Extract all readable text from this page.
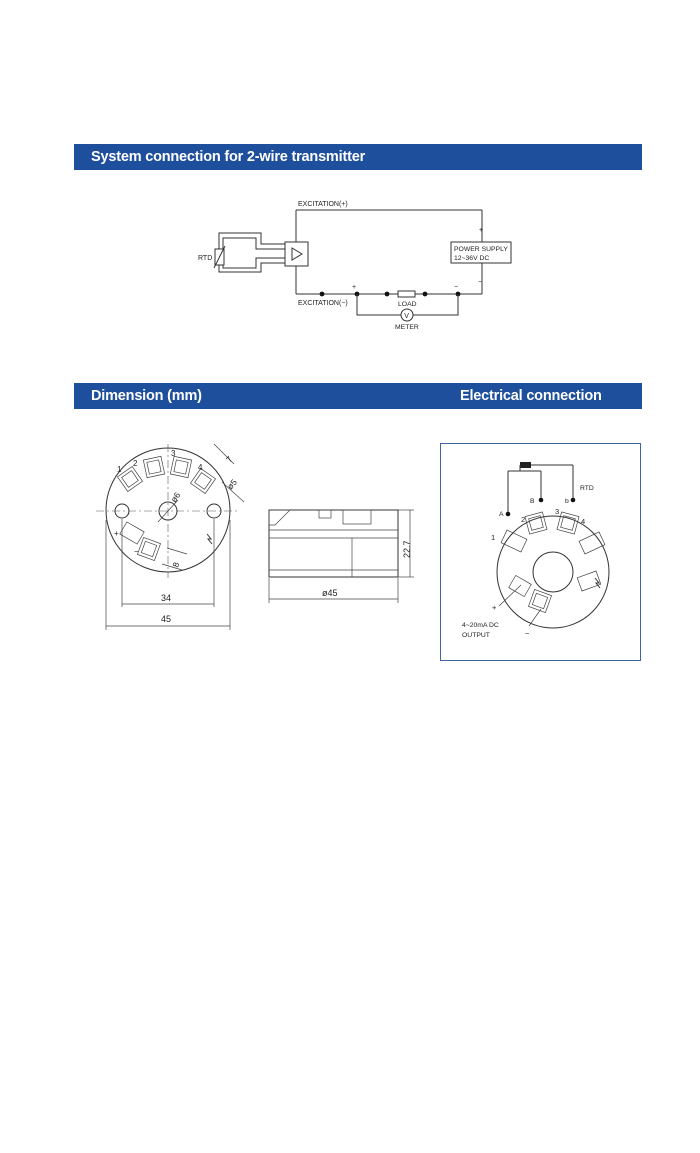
System connection for 2-wire transmitter
Dimension (mm)	Electrical connection
RTD
EXCITATION(+)
POWER SUPPLY
12~36V DC
+
−
EXCITATION(−)
+	−
LOAD
V
METER
1
2
3
4
+
−
ø6
7
ø5
8
34
45
22.7
ø45
RTD
A
B	b
1
2
3
4
+
−
4~20mA DC
OUTPUT
